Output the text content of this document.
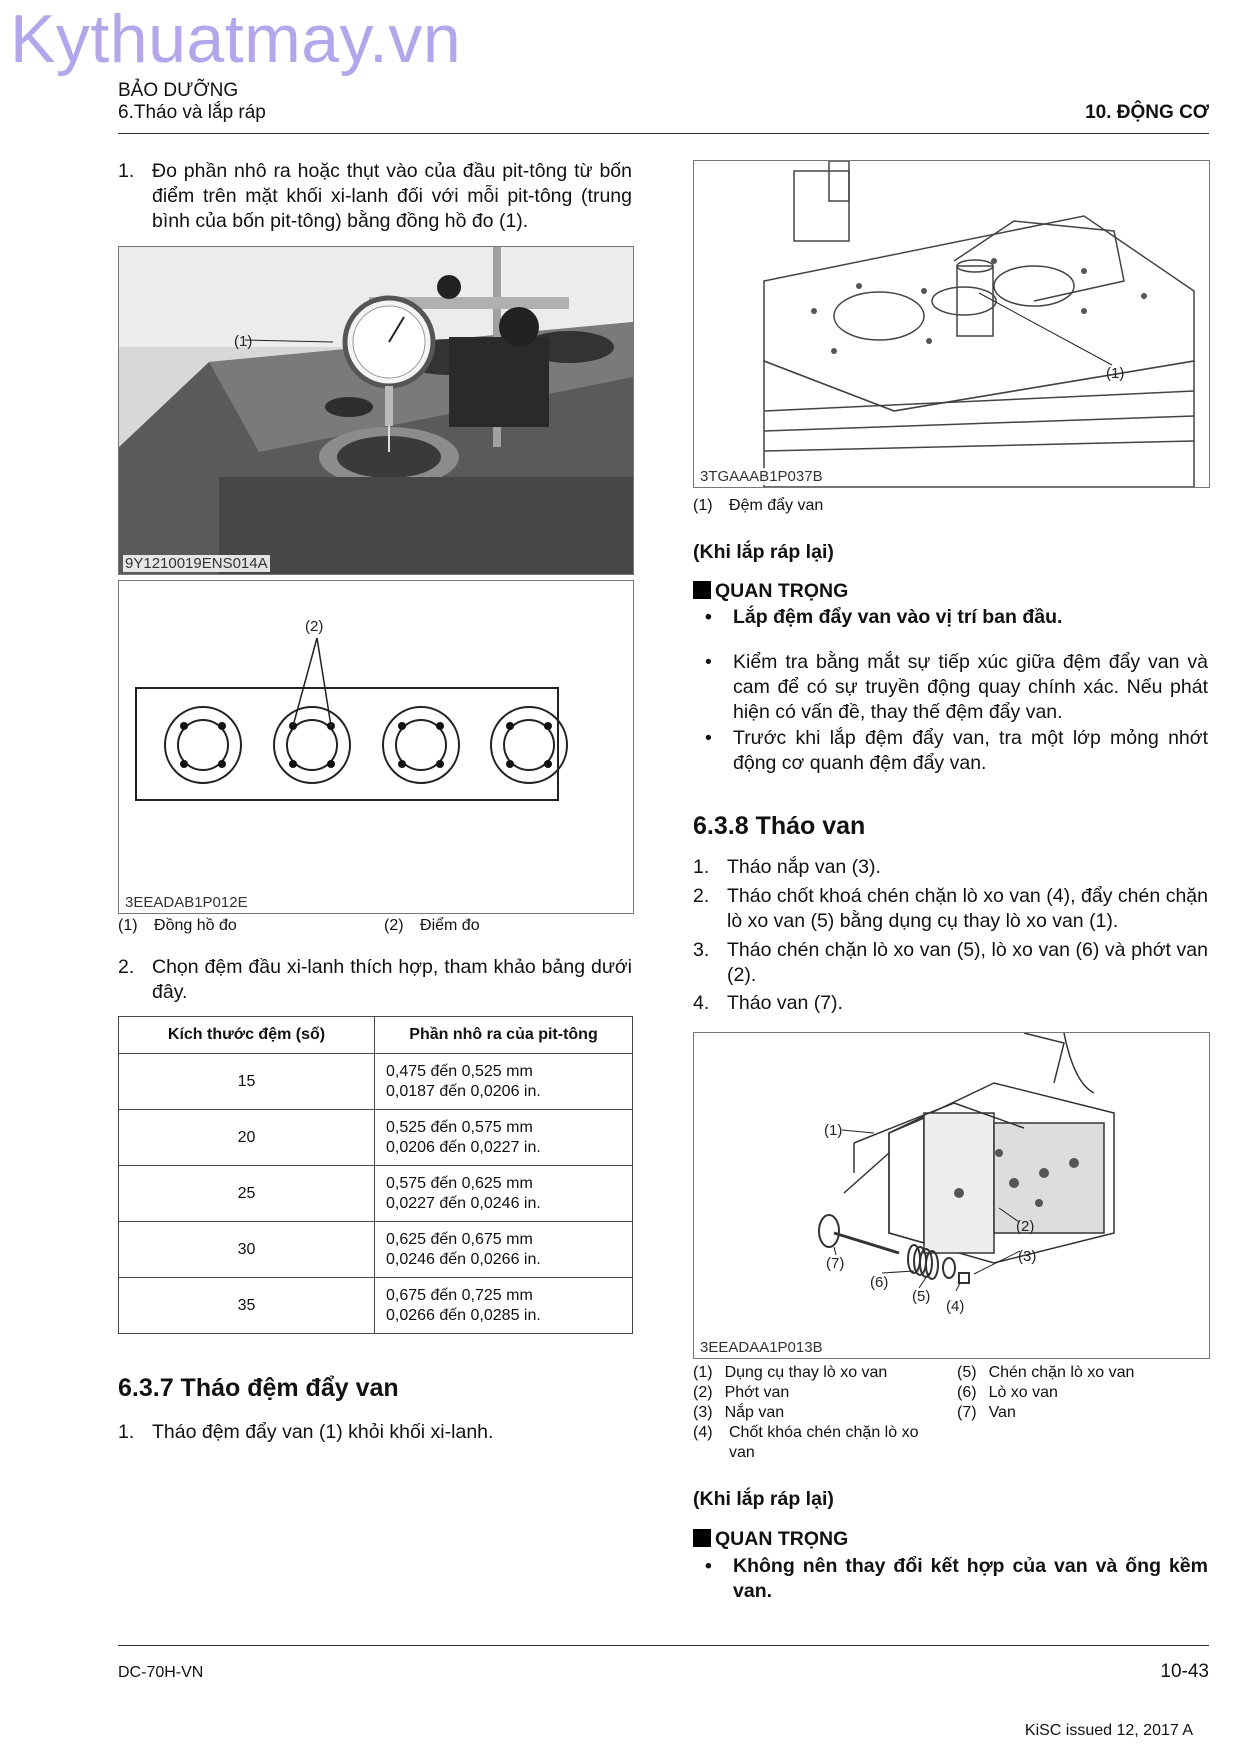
Kythuatmay.vn
BẢO DƯỠNG
6.Tháo và lắp ráp	10. ĐỘNG CƠ
1. Đo phần nhô ra hoặc thụt vào của đầu pit-tông từ bốn điểm trên mặt khối xi-lanh đối với mỗi pit-tông (trung bình của bốn pit-tông) bằng đồng hồ đo (1).
(1)
9Y1210019ENS014A
(2)
3EEADAB1P012E
(1) Đồng hồ đo	(2) Điểm đo
2. Chọn đệm đầu xi-lanh thích hợp, tham khảo bảng dưới đây.
Kích thước đệm (số)	Phần nhô ra của pit-tông
15	0,475 đến 0,525 mm
0,0187 đến 0,0206 in.

20	0,525 đến 0,575 mm
0,0206 đến 0,0227 in.

25	0,575 đến 0,625 mm
0,0227 đến 0,0246 in.

30	0,625 đến 0,675 mm
0,0246 đến 0,0266 in.

35	0,675 đến 0,725 mm
0,0266 đến 0,0285 in.
6.3.7 Tháo đệm đẩy van
1. Tháo đệm đẩy van (1) khỏi khối xi-lanh.
(1)
3TGAAAB1P037B
(1) Đệm đẩy van
(Khi lắp ráp lại)
QUAN TRỌNG
• Lắp đệm đẩy van vào vị trí ban đầu.
• Kiểm tra bằng mắt sự tiếp xúc giữa đệm đẩy van và cam để có sự truyền động quay chính xác. Nếu phát hiện có vấn đề, thay thế đệm đẩy van.
• Trước khi lắp đệm đẩy van, tra một lớp mỏng nhớt động cơ quanh đệm đẩy van.
6.3.8 Tháo van
1. Tháo nắp van (3).
2. Tháo chốt khoá chén chặn lò xo van (4), đẩy chén chặn lò xo van (5) bằng dụng cụ thay lò xo van (1).
3. Tháo chén chặn lò xo van (5), lò xo van (6) và phớt van (2).
4. Tháo van (7).
(1)
(2)
(3)
(4)
(5)
(6)
(7)
3EEADAA1P013B
(1) Dụng cụ thay lò xo van
(2) Phớt van
(3) Nắp van
(4) Chốt khóa chén chặn lò xo van
(5) Chén chặn lò xo van
(6) Lò xo van
(7) Van
(Khi lắp ráp lại)
QUAN TRỌNG
• Không nên thay đổi kết hợp của van và ống kềm van.
DC-70H-VN	10-43
KiSC issued 12, 2017 A
